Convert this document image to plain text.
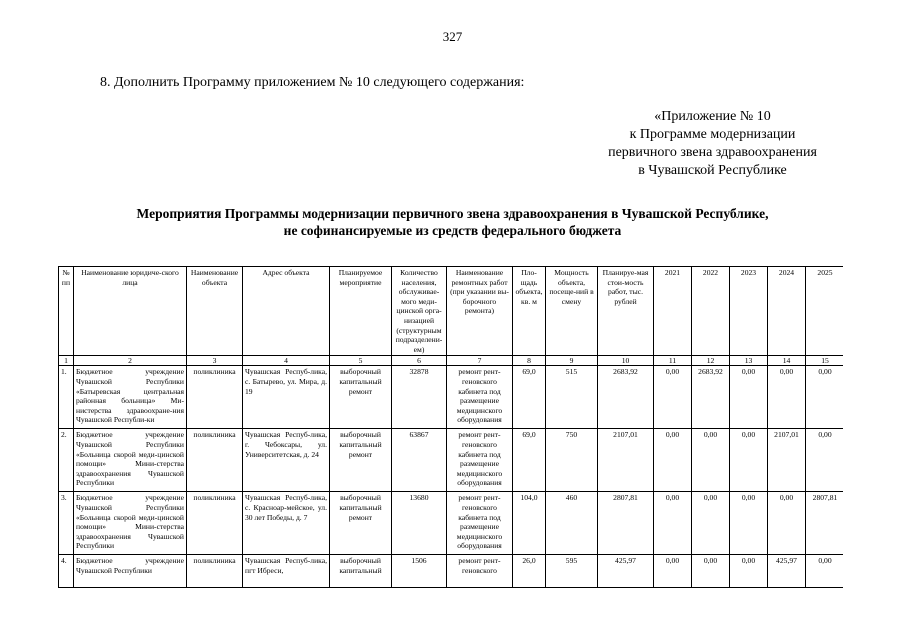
327
8. Дополнить Программу приложением № 10 следующего содержания:
«Приложение № 10
к Программе модернизации
первичного звена здравоохранения
в Чувашской Республике
Мероприятия Программы модернизации первичного звена здравоохранения в Чувашской Республике,
не софинансируемые из средств федерального бюджета
№ пп	Наименование юридиче-ского лица	Наименование объекта	Адрес объекта	Планируемое мероприятие	Количество населения, обслуживае-мого меди-цинской орга-низацией (структурным подразделени-ем)	Наименование ремонтных работ (при указании вы-борочного ремонта)	Пло-щадь объекта, кв. м	Мощность объекта, посеще-ний в смену	Планируе-мая стои-мость работ, тыс. рублей	2021	2022	2023	2024	2025
1	2	3	4	5	6	7	8	9	10	11	12	13	14	15
1.	Бюджетное учреждение Чувашской Республики «Батыревская центральная районная больница» Ми-нистерства здравоохране-ния Чувашской Республи-ки	поликлиника	Чувашская Респуб-лика, с. Батырево, ул. Мира, д. 19	выборочный капитальный ремонт	32878	ремонт рент-геновского кабинета под размещение медицинского оборудования	69,0	515	2683,92	0,00	2683,92	0,00	0,00	0,00
2.	Бюджетное учреждение Чувашской Республики «Больница скорой меди-цинской помощи» Мини-стерства здравоохранения Чувашской Республики	поликлиника	Чувашская Респуб-лика, г. Чебоксары, ул. Университетская, д. 24	выборочный капитальный ремонт	63867	ремонт рент-геновского кабинета под размещение медицинского оборудования	69,0	750	2107,01	0,00	0,00	0,00	2107,01	0,00
3.	Бюджетное учреждение Чувашской Республики «Больница скорой меди-цинской помощи» Мини-стерства здравоохранения Чувашской Республики	поликлиника	Чувашская Респуб-лика, с. Красноар-мейское, ул. 30 лет Победы, д. 7	выборочный капитальный ремонт	13680	ремонт рент-геновского кабинета под размещение медицинского оборудования	104,0	460	2807,81	0,00	0,00	0,00	0,00	2807,81
4.	Бюджетное учреждение Чувашской Республики	поликлиника	Чувашская Респуб-лика, пгт Ибреси,	выборочный капитальный	1506	ремонт рент-геновского	26,0	595	425,97	0,00	0,00	0,00	425,97	0,00
